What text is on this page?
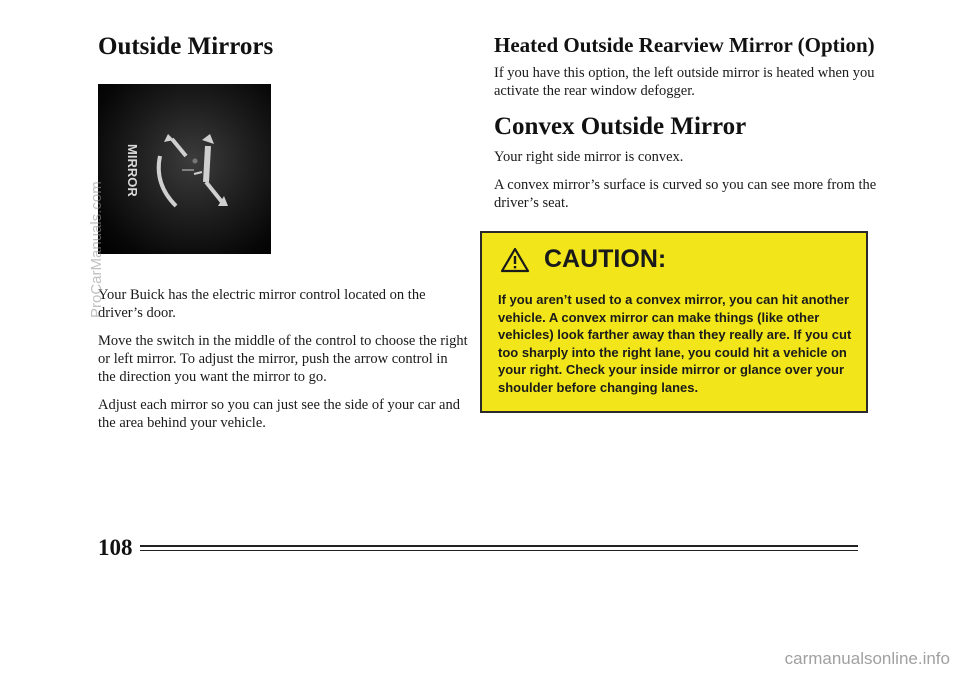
Outside Mirrors
MIRROR

Your Buick has the electric mirror control located on the driver’s door.

Move the switch in the middle of the control to choose the right or left mirror. To adjust the mirror, push the arrow control in the direction you want the mirror to go.

Adjust each mirror so you can just see the side of your car and the area behind your vehicle.

Heated Outside Rearview Mirror (Option)

If you have this option, the left outside mirror is heated when you activate the rear window defogger.

Convex Outside Mirror

Your right side mirror is convex.

A convex mirror’s surface is curved so you can see more from the driver’s seat.

CAUTION:
If you aren’t used to a convex mirror, you can hit another vehicle. A convex mirror can make things (like other vehicles) look farther away than they really are. If you cut too sharply into the right lane, you could hit a vehicle on your right. Check your inside mirror or glance over your shoulder before changing lanes.
108
ProCarManuals.com
carmanualsonline.info
